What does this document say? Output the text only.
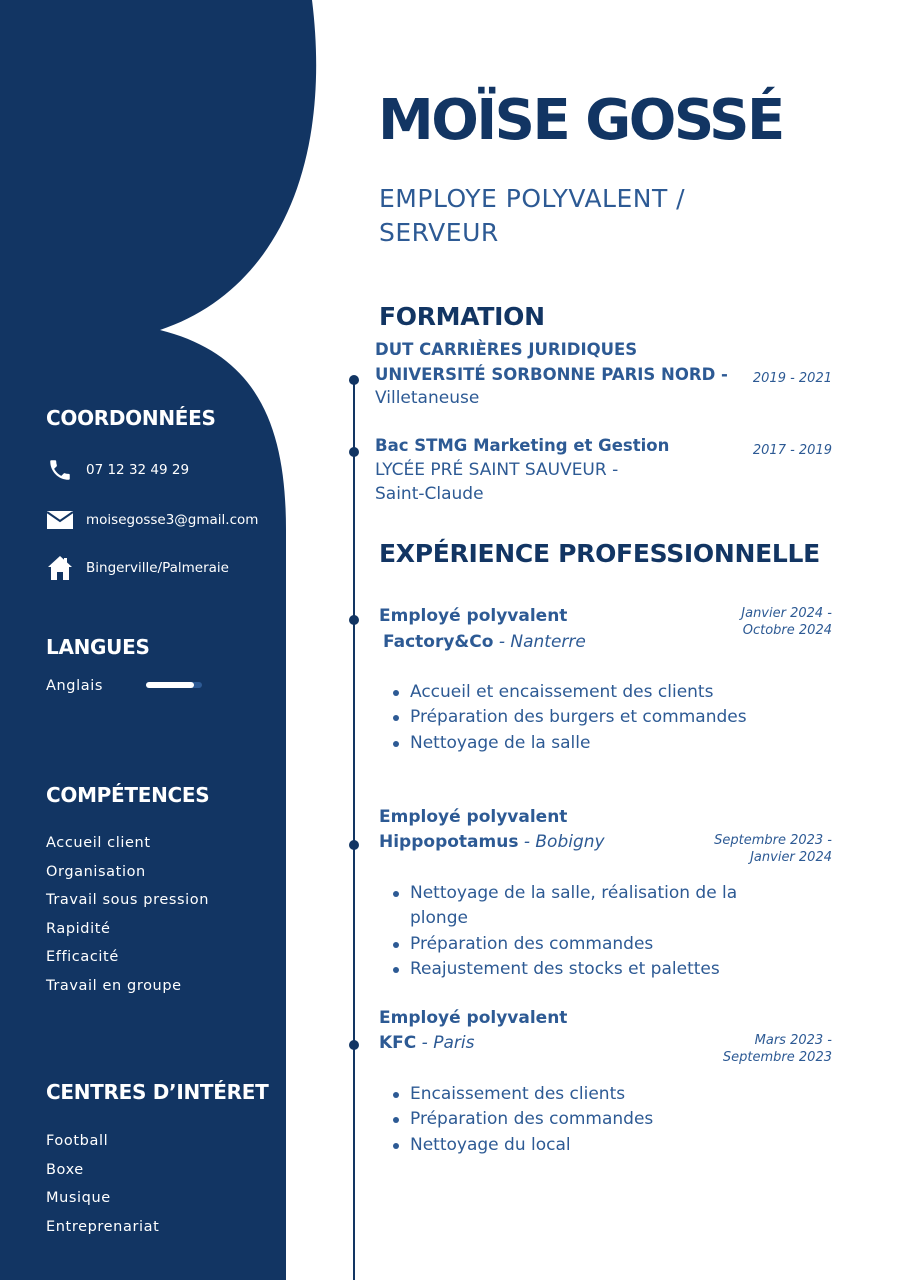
COORDONNÉES
07 12 32 49 29
moisegosse3@gmail.com
Bingerville/Palmeraie
LANGUES
Anglais
COMPÉTENCES
Accueil client
Organisation
Travail sous pression
Rapidité
Efficacité
Travail en groupe
CENTRES D’INTÉRET
Football
Boxe
Musique
Entreprenariat
MOÏSE GOSSÉ
EMPLOYE POLYVALENT / SERVEUR
FORMATION
DUT CARRIÈRES JURIDIQUES
UNIVERSITÉ SORBONNE PARIS NORD -
Villetaneuse
2019 - 2021
Bac STMG Marketing et Gestion
LYCÉE PRÉ SAINT SAUVEUR -
Saint-Claude
2017 - 2019
EXPÉRIENCE PROFESSIONNELLE
Employé polyvalent
Factory&Co - Nanterre
Janvier 2024 -
Octobre 2024
Accueil et encaissement des clients
Préparation des burgers et commandes
Nettoyage de la salle
Employé polyvalent
Hippopotamus - Bobigny	Septembre 2023 -
Janvier 2024
Nettoyage de la salle, réalisation de la plonge
Préparation des commandes
Reajustement des stocks et palettes
Employé polyvalent
KFC - Paris	Mars 2023 -
Septembre 2023
Encaissement des clients
Préparation des commandes
Nettoyage du local
